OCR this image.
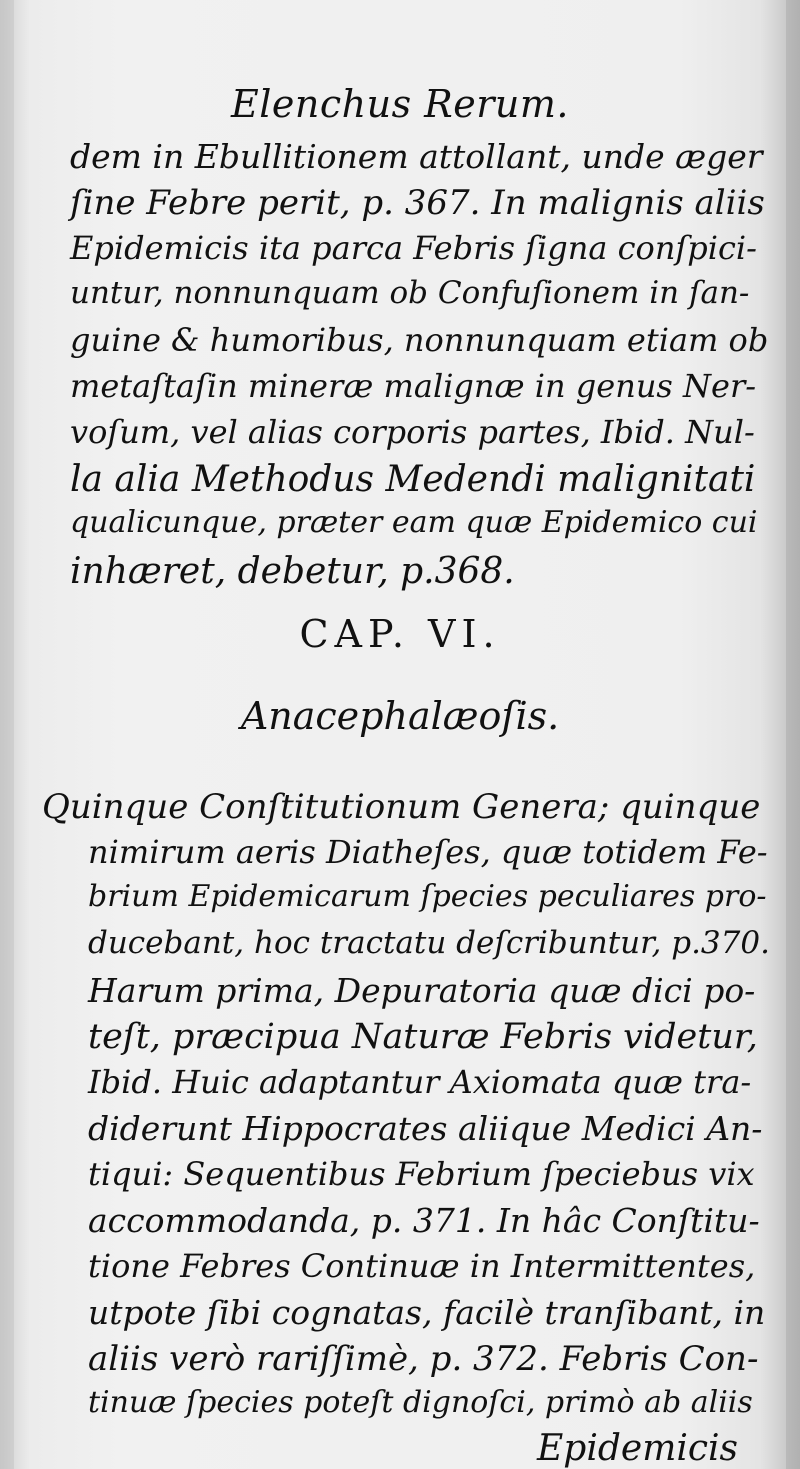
Elenchus Rerum.
dem in Ebullitionem attollant, unde æger
ſine Febre perit, p. 367. In malignis aliis
Epidemicis ita parca Febris ſigna conſpici-
untur, nonnunquam ob Confuſionem in ſan-
guine & humoribus, nonnunquam etiam ob
metaſtaſin mineræ malignæ in genus Ner-
voſum, vel alias corporis partes, Ibid. Nul-
la alia Methodus Medendi malignitati
qualicunque, præter eam quæ Epidemico cui
inhæret, debetur, p.368.
CAP. VI.
Anacephalæoſis.
Quinque Conſtitutionum Genera; quinque
nimirum aeris Diatheſes, quæ totidem Fe-
brium Epidemicarum ſpecies peculiares pro-
ducebant, hoc tractatu deſcribuntur, p.370.
Harum prima, Depuratoria quæ dici po-
teſt, præcipua Naturæ Febris videtur,
Ibid. Huic adaptantur Axiomata quæ tra-
diderunt Hippocrates aliique Medici An-
tiqui: Sequentibus Febrium ſpeciebus vix
accommodanda, p. 371. In hâc Conſtitu-
tione Febres Continuæ in Intermittentes,
utpote ſibi cognatas, facilè tranſibant, in
aliis verò rariſſimè, p. 372. Febris Con-
tinuæ ſpecies poteſt dignoſci, primò ab aliis
Epidemicis
